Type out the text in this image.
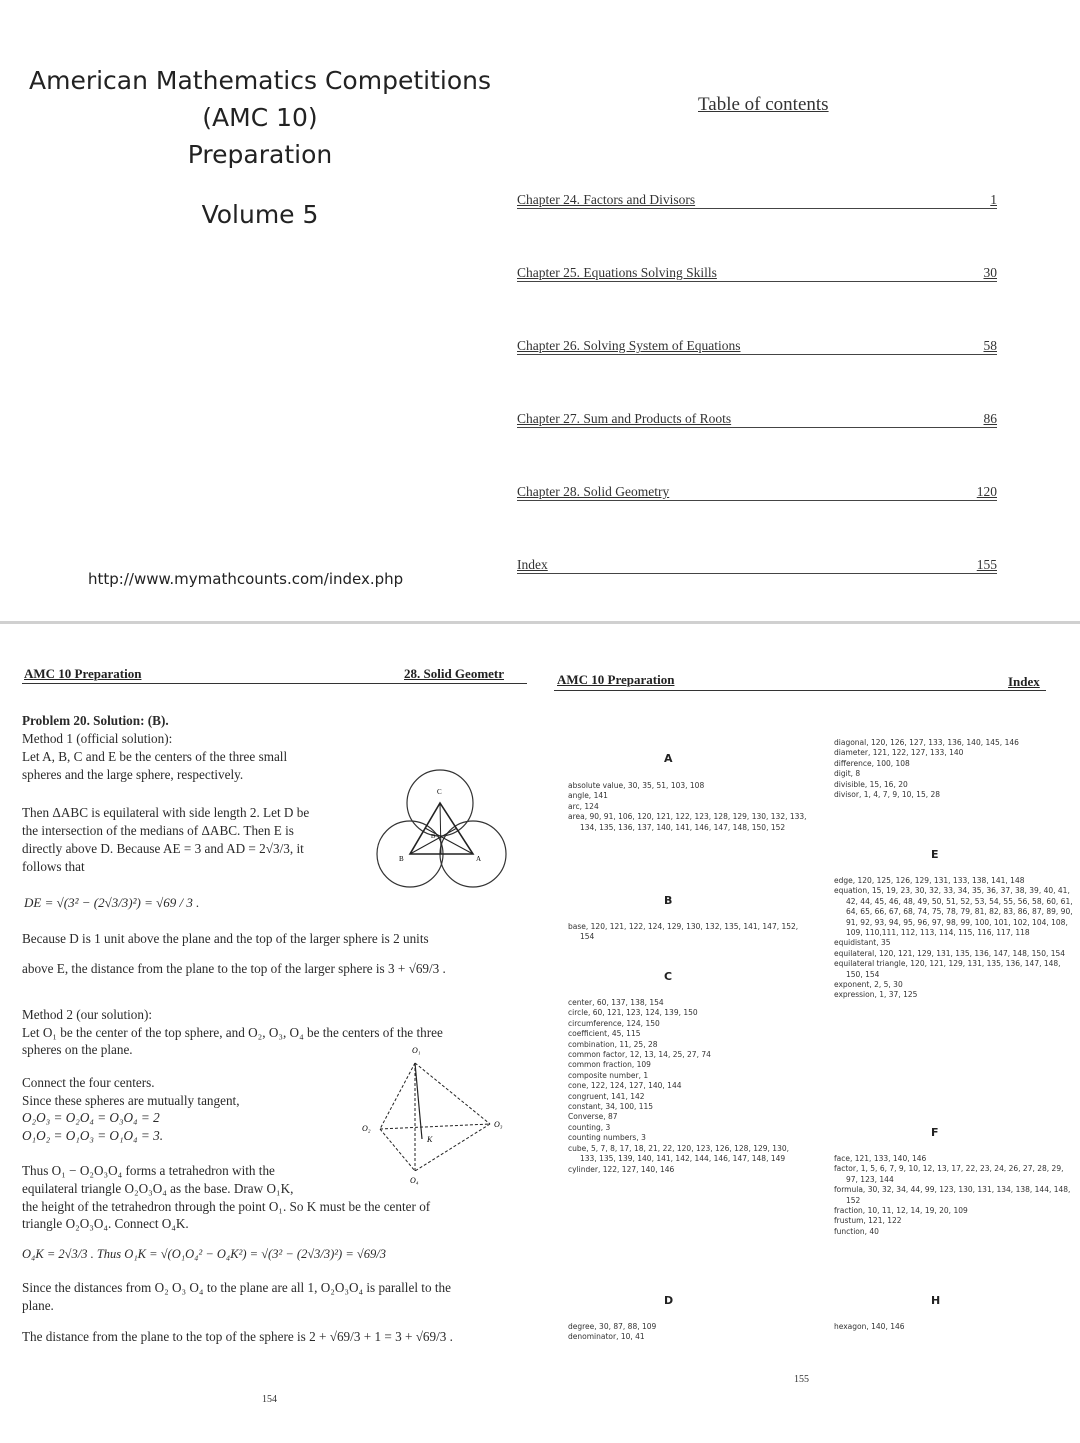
American Mathematics Competitions
(AMC 10)
Preparation
Volume 5
http://www.mymathcounts.com/index.php
Table of contents
Chapter 24. Factors and Divisors	1
Chapter 25. Equations Solving Skills	30
Chapter 26. Solving System of Equations	58
Chapter 27. Sum and Products of Roots	86
Chapter 28. Solid Geometry	120
Index	155
AMC 10 Preparation	28. Solid Geometr
Problem 20. Solution: (B).
Method 1 (official solution):
Let A, B, C and E be the centers of the three small
spheres and the large sphere, respectively.
Then ΔABC is equilateral with side length 2. Let D be
the intersection of the medians of ΔABC. Then E is
directly above D. Because AE = 3 and AD = 2√3/3, it
follows that
C
B	A
D
DE = √(3² − (2√3/3)²) = √69 / 3 .
Because D is 1 unit above the plane and the top of the larger sphere is 2 units
above E, the distance from the plane to the top of the larger sphere is 3 + √69/3 .
Method 2 (our solution):
Let O₁ be the center of the top sphere, and O₂, O₃, O₄ be the centers of the three
spheres on the plane.
Connect the four centers.
Since these spheres are mutually tangent,
O₂O₃ = O₂O₄ = O₃O₄ = 2
O₁O₂ = O₁O₃ = O₁O₄ = 3.
O₁
O₂	O₃
O₄
K
Thus O₁ − O₂O₃O₄ forms a tetrahedron with the
equilateral triangle O₂O₃O₄ as the base. Draw O₁K,
the height of the tetrahedron through the point O₁. So K must be the center of
triangle O₂O₃O₄. Connect O₄K.
O₄K = 2√3/3 . Thus O₁K = √(O₁O₄² − O₄K²) = √(3² − (2√3/3)²) = √69/3
Since the distances from O₂ O₃ O₄ to the plane are all 1, O₂O₃O₄ is parallel to the
plane.
The distance from the plane to the top of the sphere is 2 + √69/3 + 1 = 3 + √69/3 .
154
AMC 10 Preparation	Index
A
absolute value, 30, 35, 51, 103, 108
angle, 141
arc, 124
area, 90, 91, 106, 120, 121, 122, 123, 128, 129, 130, 132, 133, 134, 135, 136, 137, 140, 141, 146, 147, 148, 150, 152
B
base, 120, 121, 122, 124, 129, 130, 132, 135, 141, 147, 152, 154
C
center, 60, 137, 138, 154
circle, 60, 121, 123, 124, 139, 150
circumference, 124, 150
coefficient, 45, 115
combination, 11, 25, 28
common factor, 12, 13, 14, 25, 27, 74
common fraction, 109
composite number, 1
cone, 122, 124, 127, 140, 144
congruent, 141, 142
constant, 34, 100, 115
Converse, 87
counting, 3
counting numbers, 3
cube, 5, 7, 8, 17, 18, 21, 22, 120, 123, 126, 128, 129, 130, 133, 135, 139, 140, 141, 142, 144, 146, 147, 148, 149
cylinder, 122, 127, 140, 146
D
degree, 30, 87, 88, 109
denominator, 10, 41
diagonal, 120, 126, 127, 133, 136, 140, 145, 146
diameter, 121, 122, 127, 133, 140
difference, 100, 108
digit, 8
divisible, 15, 16, 20
divisor, 1, 4, 7, 9, 10, 15, 28
E
edge, 120, 125, 126, 129, 131, 133, 138, 141, 148
equation, 15, 19, 23, 30, 32, 33, 34, 35, 36, 37, 38, 39, 40, 41, 42, 44, 45, 46, 48, 49, 50, 51, 52, 53, 54, 55, 56, 58, 60, 61, 64, 65, 66, 67, 68, 74, 75, 78, 79, 81, 82, 83, 86, 87, 89, 90, 91, 92, 93, 94, 95, 96, 97, 98, 99, 100, 101, 102, 104, 108, 109, 110,111, 112, 113, 114, 115, 116, 117, 118
equidistant, 35
equilateral, 120, 121, 129, 131, 135, 136, 147, 148, 150, 154
equilateral triangle, 120, 121, 129, 131, 135, 136, 147, 148, 150, 154
exponent, 2, 5, 30
expression, 1, 37, 125
F
face, 121, 133, 140, 146
factor, 1, 5, 6, 7, 9, 10, 12, 13, 17, 22, 23, 24, 26, 27, 28, 29, 97, 123, 144
formula, 30, 32, 34, 44, 99, 123, 130, 131, 134, 138, 144, 148, 152
fraction, 10, 11, 12, 14, 19, 20, 109
frustum, 121, 122
function, 40
H
hexagon, 140, 146
155
